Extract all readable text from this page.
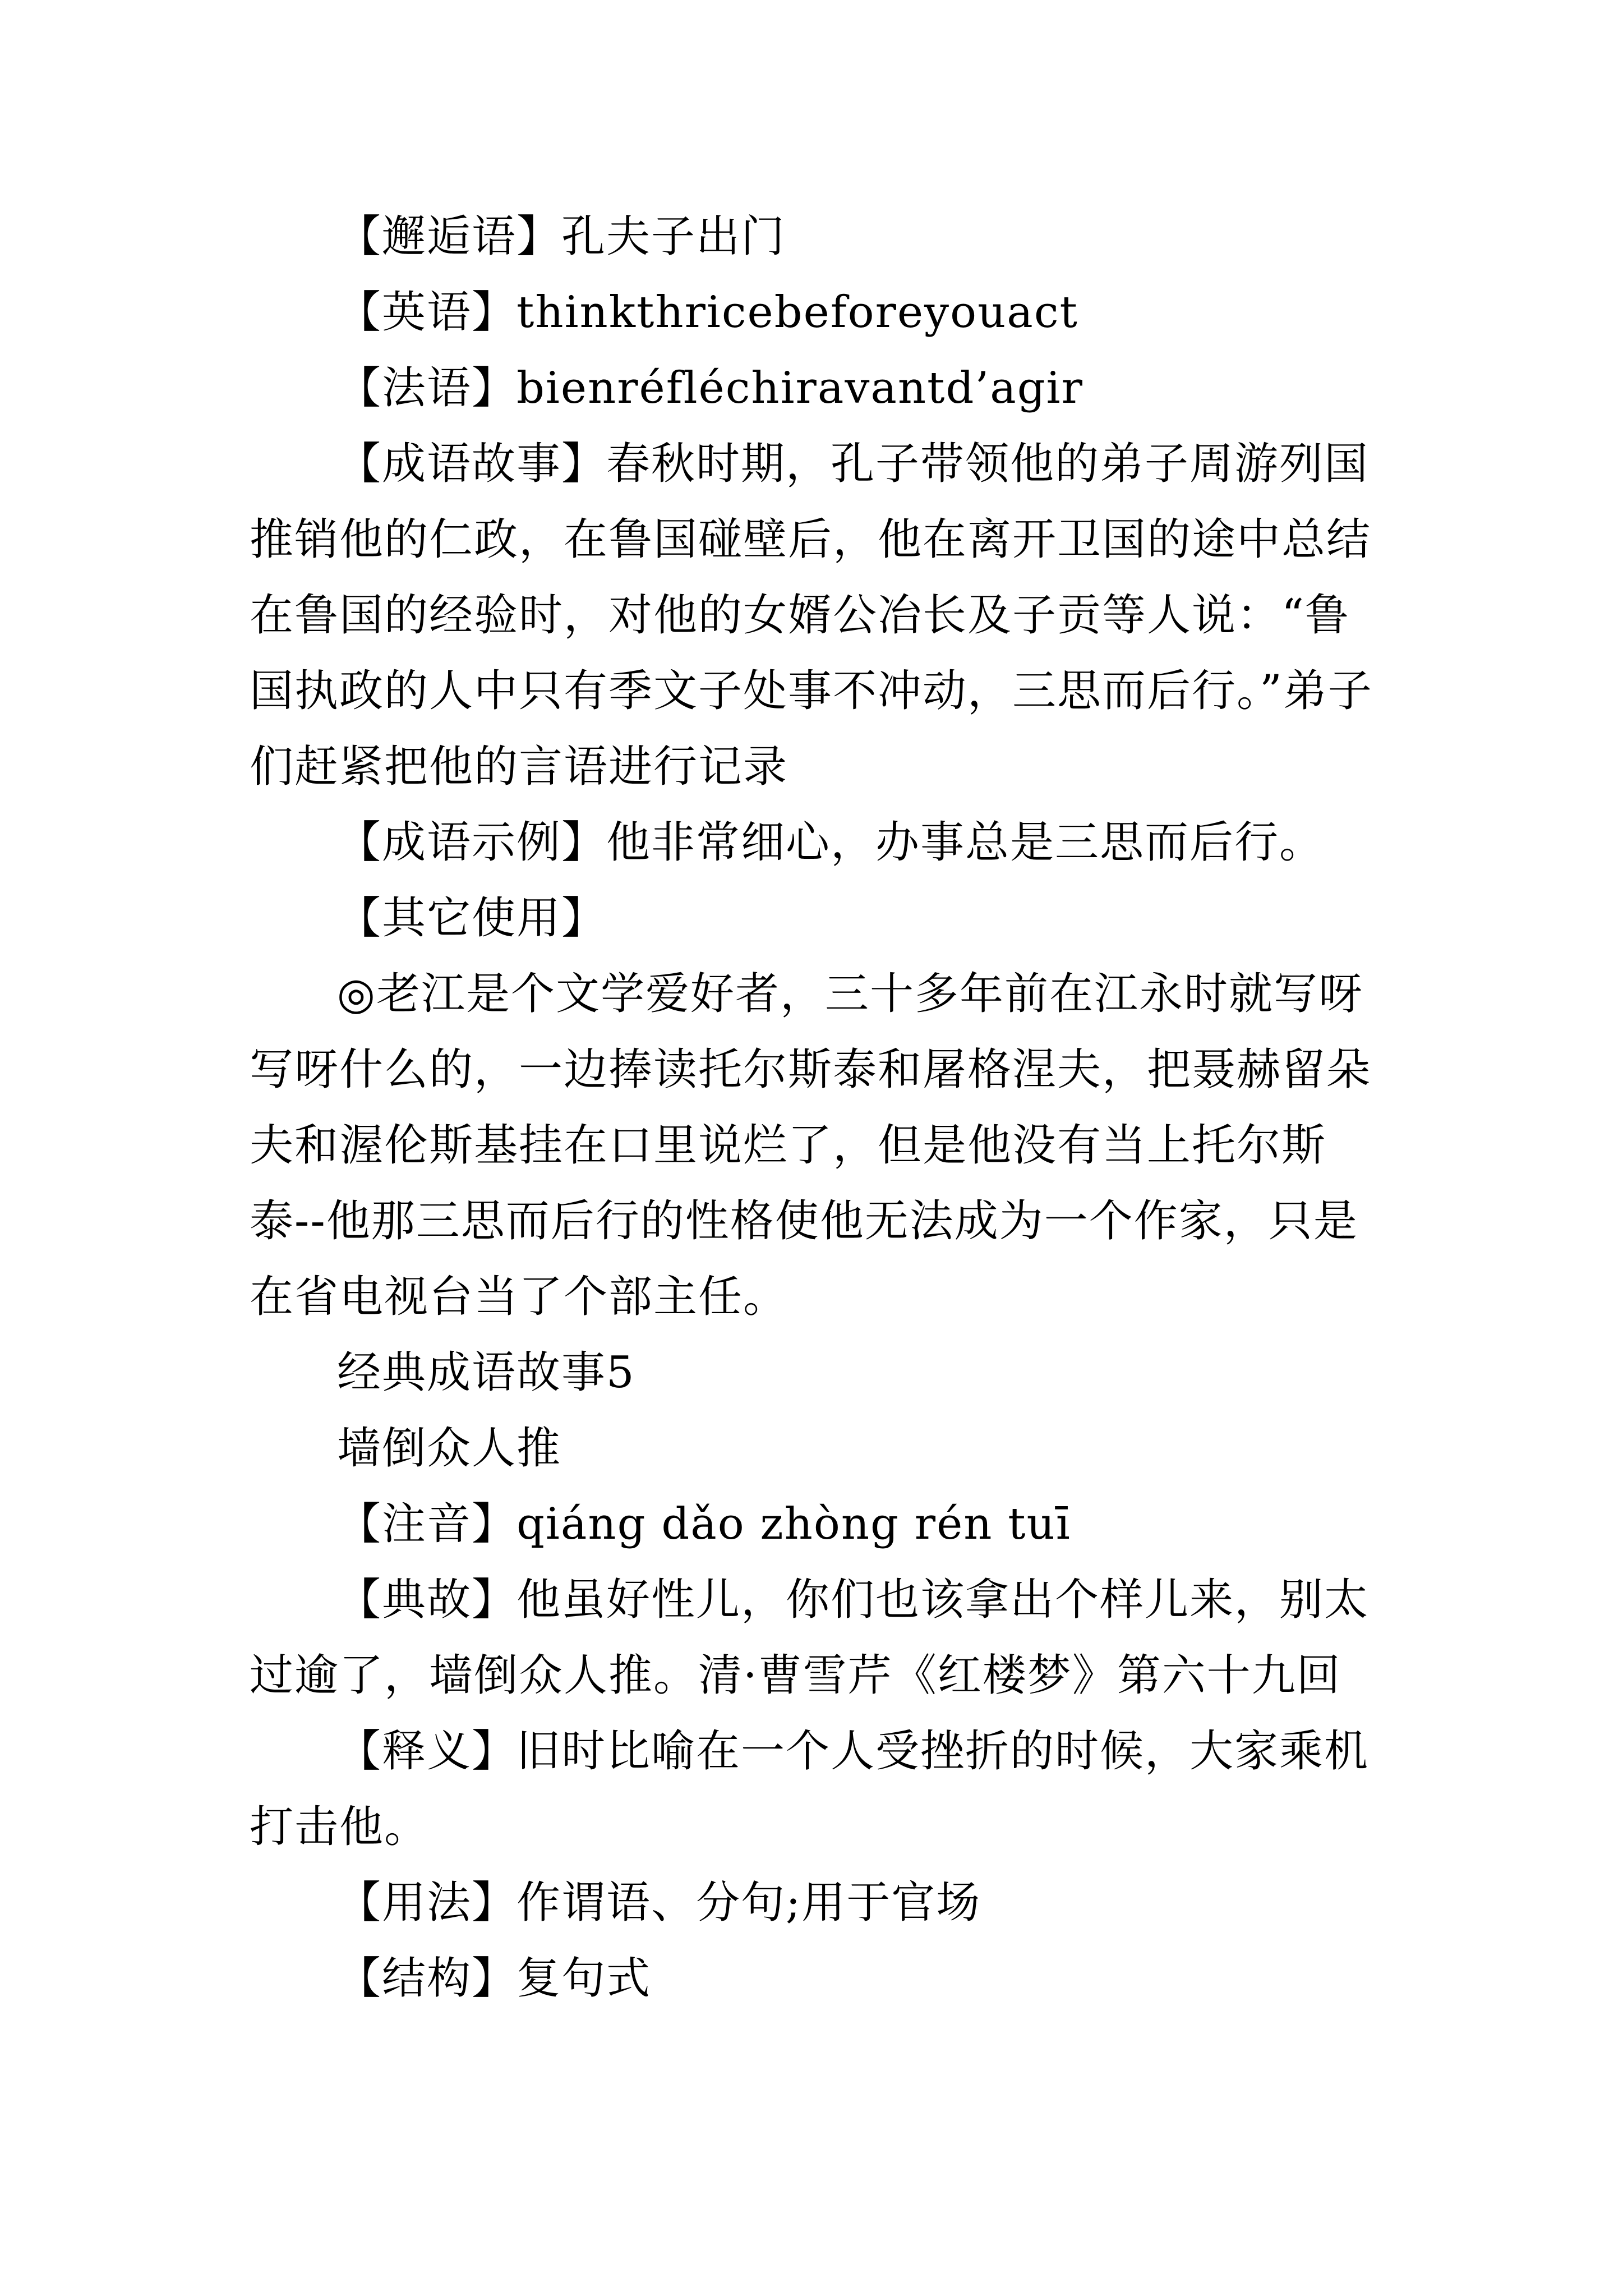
【邂逅语】孔夫子出门

【英语】thinkthricebeforeyouact

【法语】bienréfléchiravantd’agir

【成语故事】春秋时期，孔子带领他的弟子周游列国推销他的仁政，在鲁国碰壁后，他在离开卫国的途中总结在鲁国的经验时，对他的女婿公冶长及子贡等人说：“鲁国执政的人中只有季文子处事不冲动，三思而后行。”弟子们赶紧把他的言语进行记录

【成语示例】他非常细心，办事总是三思而后行。

【其它使用】

◎老江是个文学爱好者，三十多年前在江永时就写呀写呀什么的，一边捧读托尔斯泰和屠格涅夫，把聂赫留朵夫和渥伦斯基挂在口里说烂了，但是他没有当上托尔斯泰--他那三思而后行的性格使他无法成为一个作家，只是在省电视台当了个部主任。

经典成语故事5

墙倒众人推

【注音】qiáng dǎo zhòng rén tuī

【典故】他虽好性儿，你们也该拿出个样儿来，别太过逾了，墙倒众人推。清·曹雪芹《红楼梦》第六十九回

【释义】旧时比喻在一个人受挫折的时候，大家乘机打击他。

【用法】作谓语、分句;用于官场

【结构】复句式
